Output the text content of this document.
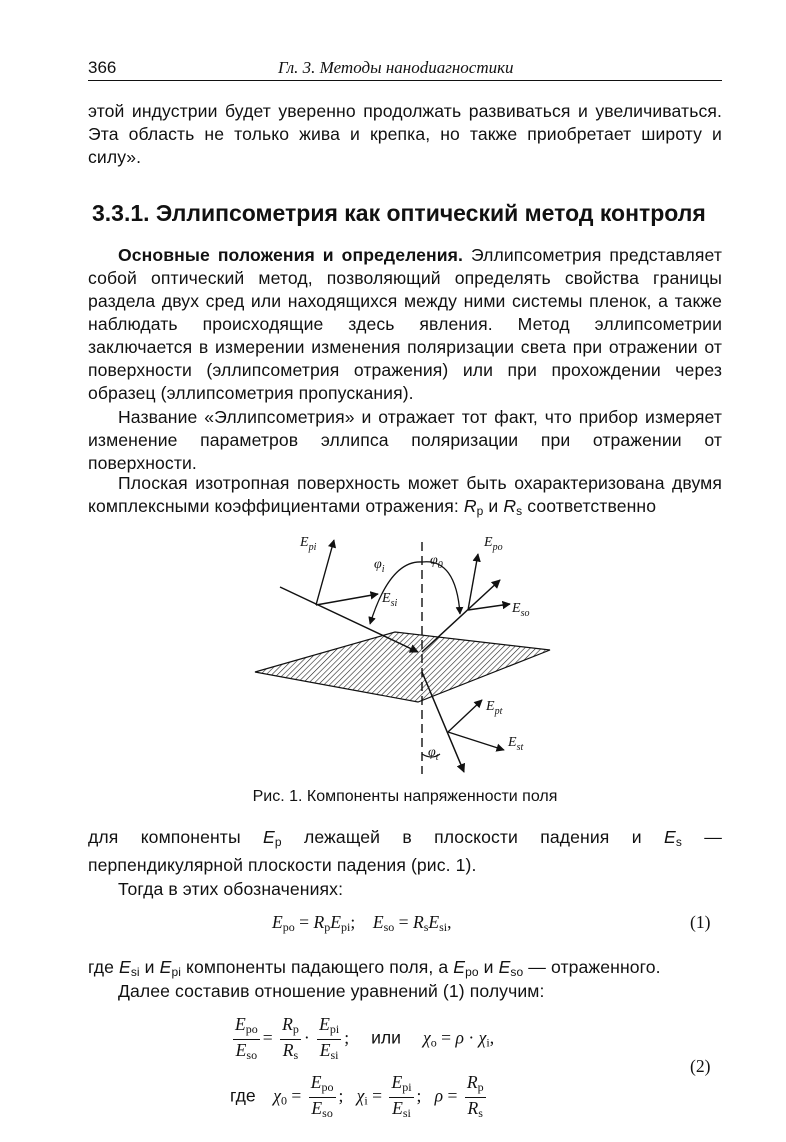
366	Гл. 3. Методы наноdиагностики
этой индустрии будет уверенно продолжать развиваться и увеличиваться. Эта область не только жива и крепка, но также приобретает широту и силу».
3.3.1. Эллипсометрия как оптический метод контроля
Основные положения и определения. Эллипсометрия представляет собой оптический метод, позволяющий определять свойства границы раздела двух сред или находящихся между ними системы пленок, а также наблюдать происходящие здесь явления. Метод эллипсометрии заключается в измерении изменения поляризации света при отражении от поверхности (эллипсометрия отражения) или при прохождении через образец (эллипсометрия пропускания).
Название «Эллипсометрия» и отражает тот факт, что прибор измеряет изменение параметров эллипса поляризации при отражении от поверхности.
Плоская изотропная поверхность может быть охарактеризована двумя комплексными коэффициентами отражения: $R_p$ и $R_s$ соответственно
$E_{pi}$
$\varphi_i$
$\varphi_0$
$E_{po}$
$E_{si}$	$E_{so}$
$E_{pt}$
$E_{st}$
$\varphi_t$
Рис. 1. Компоненты напряженности поля
для компоненты $E_p$ лежащей в плоскости падения и $E_s$ — перпендикулярной плоскости падения (рис. 1).
Тогда в этих обозначениях:
$E_{po} = R_pE_{pi}$;    $E_{so} = R_sE_{si}$,	(1)
где $E_{si}$ и $E_{pi}$ компоненты падающего поля, а $E_{po}$ и $E_{so}$ — отраженного.
Далее составив отношение уравнений (1) получим:
$\frac{E_{po}}{E_{so}} = \frac{R_p}{R_s} \cdot \frac{E_{pi}}{E_{si}}$ ;     или $\chi_o = \rho \cdot \chi_i$,
где $\chi_0 = \frac{E_{po}}{E_{so}}$ ;   $\chi_i = \frac{E_{pi}}{E_{si}}$ ;   $\rho = \frac{R_p}{R_s}$
(2)
